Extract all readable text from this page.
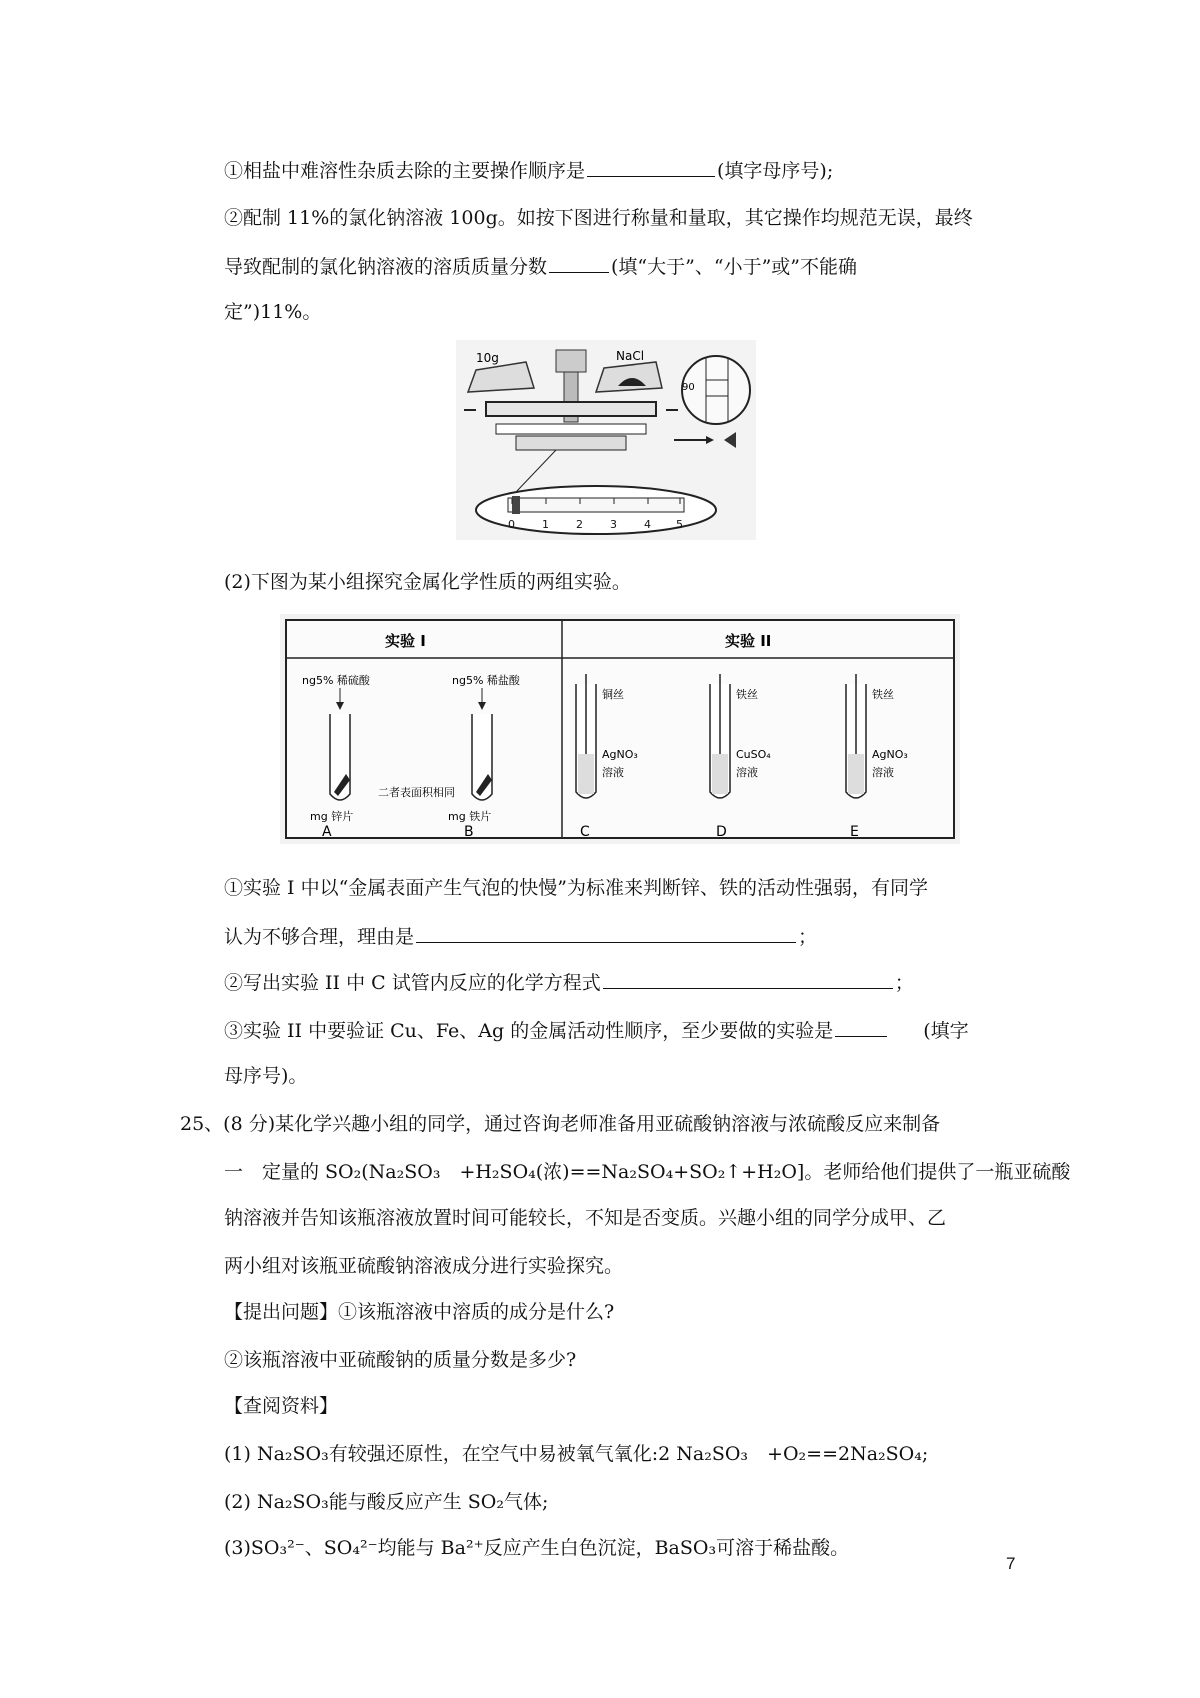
①相盐中难溶性杂质去除的主要操作顺序是	(填字母序号);
②配制 11%的氯化钠溶液 100g。如按下图进行称量和量取，其它操作均规范无误，最终
导致配制的氯化钠溶液的溶质质量分数	(填“大于”、“小于”或”不能确
定”)11%。
10g	NaCl
90
0 1 2 3 4 5
(2)下图为某小组探究金属化学性质的两组实验。
实验 I	实验 II
ng5% 稀硫酸
mg 锌片
A
ng5% 稀盐酸
二者表面积相同
mg 铁片
B
铜丝
AgNO₃
溶液
C
铁丝
CuSO₄
溶液
D
铁丝
AgNO₃
溶液
E
①实验 I 中以“金属表面产生气泡的快慢”为标准来判断锌、铁的活动性强弱，有同学
认为不够合理，理由是	；
②写出实验 II 中 C 试管内反应的化学方程式	；
③实验 II 中要验证 Cu、Fe、Ag 的金属活动性顺序，至少要做的实验是	(填字
母序号)。
25、(8 分)某化学兴趣小组的同学，通过咨询老师准备用亚硫酸钠溶液与浓硫酸反应来制备
一　定量的 SO₂(Na₂SO₃　+H₂SO₄(浓)==Na₂SO₄+SO₂↑+H₂O]。老师给他们提供了一瓶亚硫酸
钠溶液并告知该瓶溶液放置时间可能较长，不知是否变质。兴趣小组的同学分成甲、乙
两小组对该瓶亚硫酸钠溶液成分进行实验探究。
【提出问题】①该瓶溶液中溶质的成分是什么?
②该瓶溶液中亚硫酸钠的质量分数是多少?
【查阅资料】
(1) Na₂SO₃有较强还原性，在空气中易被氧气氧化:2 Na₂SO₃　+O₂==2Na₂SO₄;
(2) Na₂SO₃能与酸反应产生 SO₂气体;
(3)SO₃²⁻、SO₄²⁻均能与 Ba²⁺反应产生白色沉淀，BaSO₃可溶于稀盐酸。
7
